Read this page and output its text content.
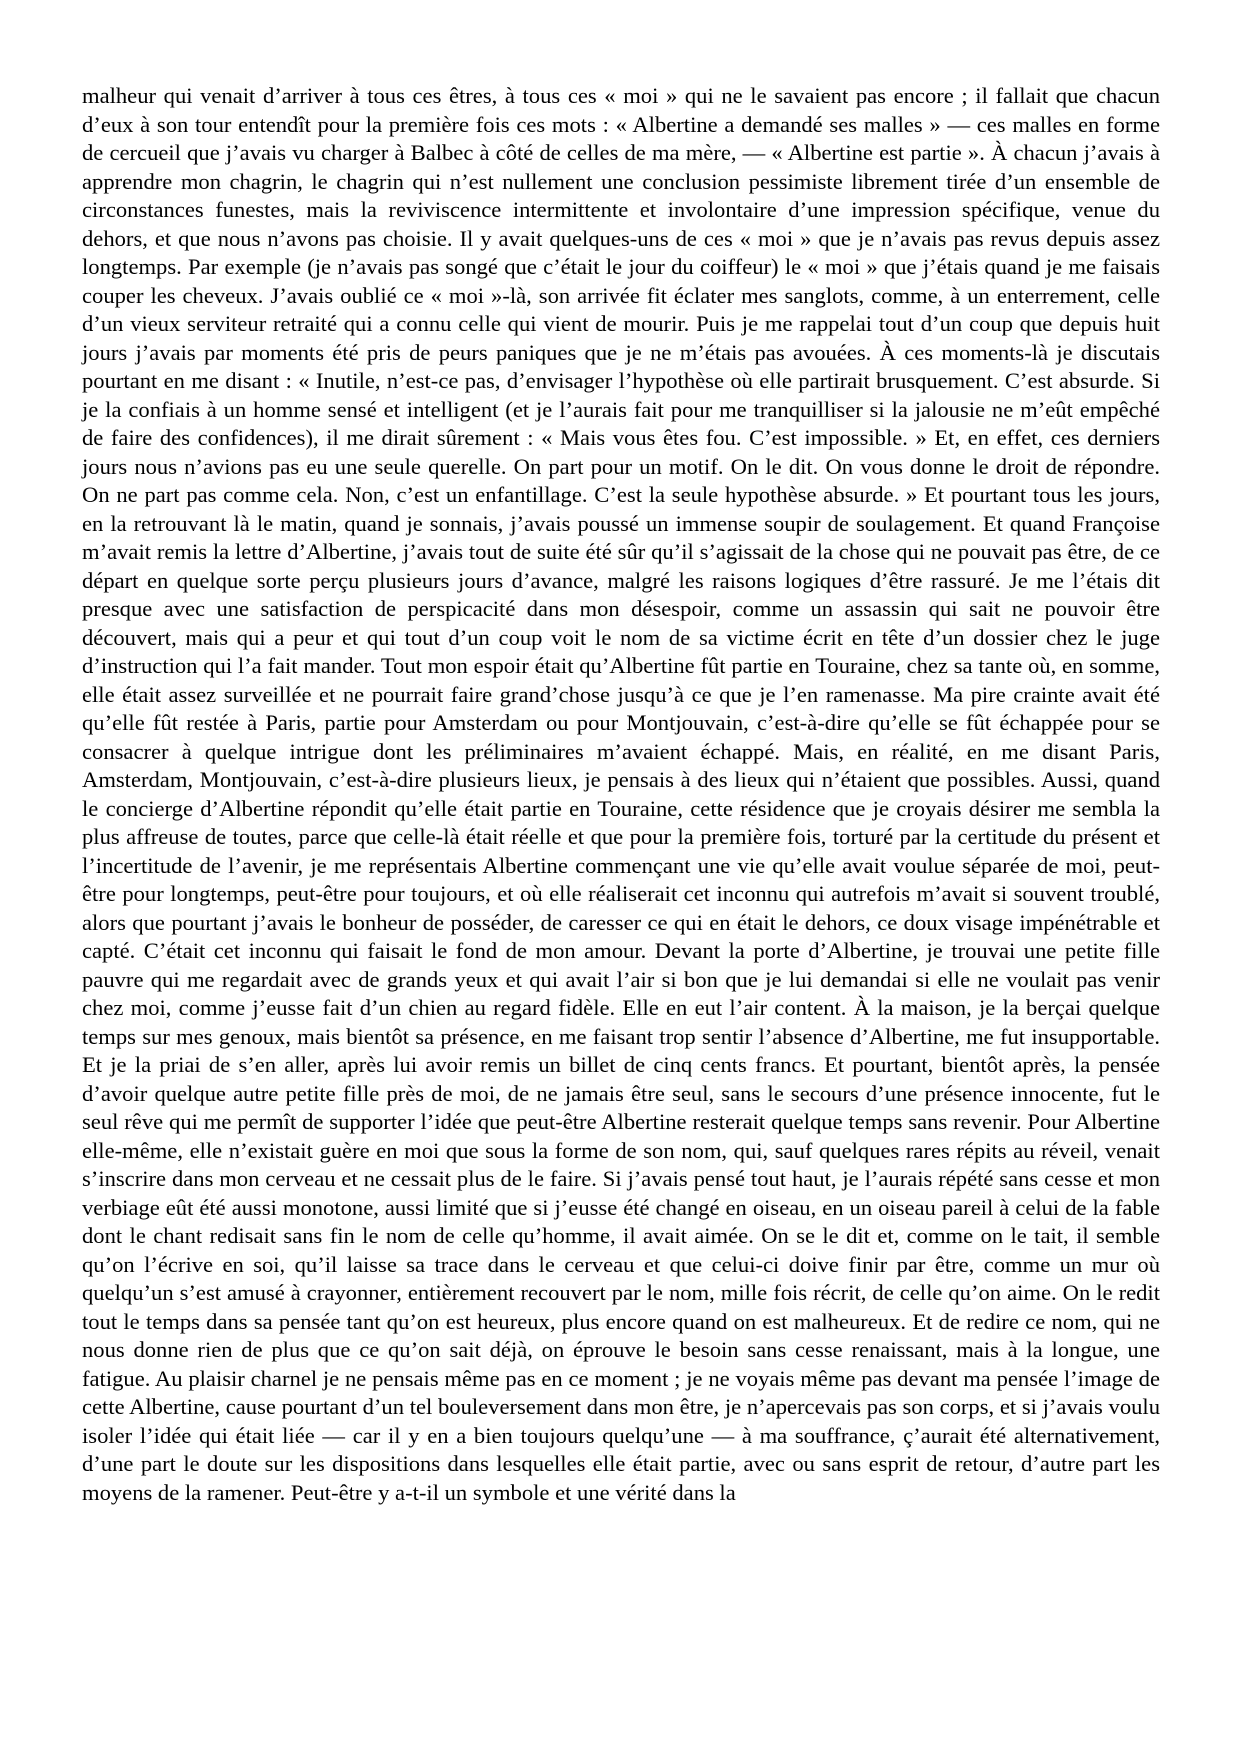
malheur qui venait d’arriver à tous ces êtres, à tous ces « moi » qui ne le savaient pas encore ; il fallait que chacun d’eux à son tour entendît pour la première fois ces mots : « Albertine a demandé ses malles » — ces malles en forme de cercueil que j’avais vu charger à Balbec à côté de celles de ma mère, — « Albertine est partie ». À chacun j’avais à apprendre mon chagrin, le chagrin qui n’est nullement une conclusion pessimiste librement tirée d’un ensemble de circonstances funestes, mais la reviviscence intermittente et involontaire d’une impression spécifique, venue du dehors, et que nous n’avons pas choisie. Il y avait quelques-uns de ces « moi » que je n’avais pas revus depuis assez longtemps. Par exemple (je n’avais pas songé que c’était le jour du coiffeur) le « moi » que j’étais quand je me faisais couper les cheveux. J’avais oublié ce « moi »-là, son arrivée fit éclater mes sanglots, comme, à un enterrement, celle d’un vieux serviteur retraité qui a connu celle qui vient de mourir. Puis je me rappelai tout d’un coup que depuis huit jours j’avais par moments été pris de peurs paniques que je ne m’étais pas avouées. À ces moments-là je discutais pourtant en me disant : « Inutile, n’est-ce pas, d’envisager l’hypothèse où elle partirait brusquement. C’est absurde. Si je la confiais à un homme sensé et intelligent (et je l’aurais fait pour me tranquilliser si la jalousie ne m’eût empêché de faire des confidences), il me dirait sûrement : « Mais vous êtes fou. C’est impossible. » Et, en effet, ces derniers jours nous n’avions pas eu une seule querelle. On part pour un motif. On le dit. On vous donne le droit de répondre. On ne part pas comme cela. Non, c’est un enfantillage. C’est la seule hypothèse absurde. » Et pourtant tous les jours, en la retrouvant là le matin, quand je sonnais, j’avais poussé un immense soupir de soulagement. Et quand Françoise m’avait remis la lettre d’Albertine, j’avais tout de suite été sûr qu’il s’agissait de la chose qui ne pouvait pas être, de ce départ en quelque sorte perçu plusieurs jours d’avance, malgré les raisons logiques d’être rassuré. Je me l’étais dit presque avec une satisfaction de perspicacité dans mon désespoir, comme un assassin qui sait ne pouvoir être découvert, mais qui a peur et qui tout d’un coup voit le nom de sa victime écrit en tête d’un dossier chez le juge d’instruction qui l’a fait mander. Tout mon espoir était qu’Albertine fût partie en Touraine, chez sa tante où, en somme, elle était assez surveillée et ne pourrait faire grand’chose jusqu’à ce que je l’en ramenasse. Ma pire crainte avait été qu’elle fût restée à Paris, partie pour Amsterdam ou pour Montjouvain, c’est-à-dire qu’elle se fût échappée pour se consacrer à quelque intrigue dont les préliminaires m’avaient échappé. Mais, en réalité, en me disant Paris, Amsterdam, Montjouvain, c’est-à-dire plusieurs lieux, je pensais à des lieux qui n’étaient que possibles. Aussi, quand le concierge d’Albertine répondit qu’elle était partie en Touraine, cette résidence que je croyais désirer me sembla la plus affreuse de toutes, parce que celle-là était réelle et que pour la première fois, torturé par la certitude du présent et l’incertitude de l’avenir, je me représentais Albertine commençant une vie qu’elle avait voulue séparée de moi, peut-être pour longtemps, peut-être pour toujours, et où elle réaliserait cet inconnu qui autrefois m’avait si souvent troublé, alors que pourtant j’avais le bonheur de posséder, de caresser ce qui en était le dehors, ce doux visage impénétrable et capté. C’était cet inconnu qui faisait le fond de mon amour. Devant la porte d’Albertine, je trouvai une petite fille pauvre qui me regardait avec de grands yeux et qui avait l’air si bon que je lui demandai si elle ne voulait pas venir chez moi, comme j’eusse fait d’un chien au regard fidèle. Elle en eut l’air content. À la maison, je la berçai quelque temps sur mes genoux, mais bientôt sa présence, en me faisant trop sentir l’absence d’Albertine, me fut insupportable. Et je la priai de s’en aller, après lui avoir remis un billet de cinq cents francs. Et pourtant, bientôt après, la pensée d’avoir quelque autre petite fille près de moi, de ne jamais être seul, sans le secours d’une présence innocente, fut le seul rêve qui me permît de supporter l’idée que peut-être Albertine resterait quelque temps sans revenir. Pour Albertine elle-même, elle n’existait guère en moi que sous la forme de son nom, qui, sauf quelques rares répits au réveil, venait s’inscrire dans mon cerveau et ne cessait plus de le faire. Si j’avais pensé tout haut, je l’aurais répété sans cesse et mon verbiage eût été aussi monotone, aussi limité que si j’eusse été changé en oiseau, en un oiseau pareil à celui de la fable dont le chant redisait sans fin le nom de celle qu’homme, il avait aimée. On se le dit et, comme on le tait, il semble qu’on l’écrive en soi, qu’il laisse sa trace dans le cerveau et que celui-ci doive finir par être, comme un mur où quelqu’un s’est amusé à crayonner, entièrement recouvert par le nom, mille fois récrit, de celle qu’on aime. On le redit tout le temps dans sa pensée tant qu’on est heureux, plus encore quand on est malheureux. Et de redire ce nom, qui ne nous donne rien de plus que ce qu’on sait déjà, on éprouve le besoin sans cesse renaissant, mais à la longue, une fatigue. Au plaisir charnel je ne pensais même pas en ce moment ; je ne voyais même pas devant ma pensée l’image de cette Albertine, cause pourtant d’un tel bouleversement dans mon être, je n’apercevais pas son corps, et si j’avais voulu isoler l’idée qui était liée — car il y en a bien toujours quelqu’une — à ma souffrance, ç’aurait été alternativement, d’une part le doute sur les dispositions dans lesquelles elle était partie, avec ou sans esprit de retour, d’autre part les moyens de la ramener. Peut-être y a-t-il un symbole et une vérité dans la
